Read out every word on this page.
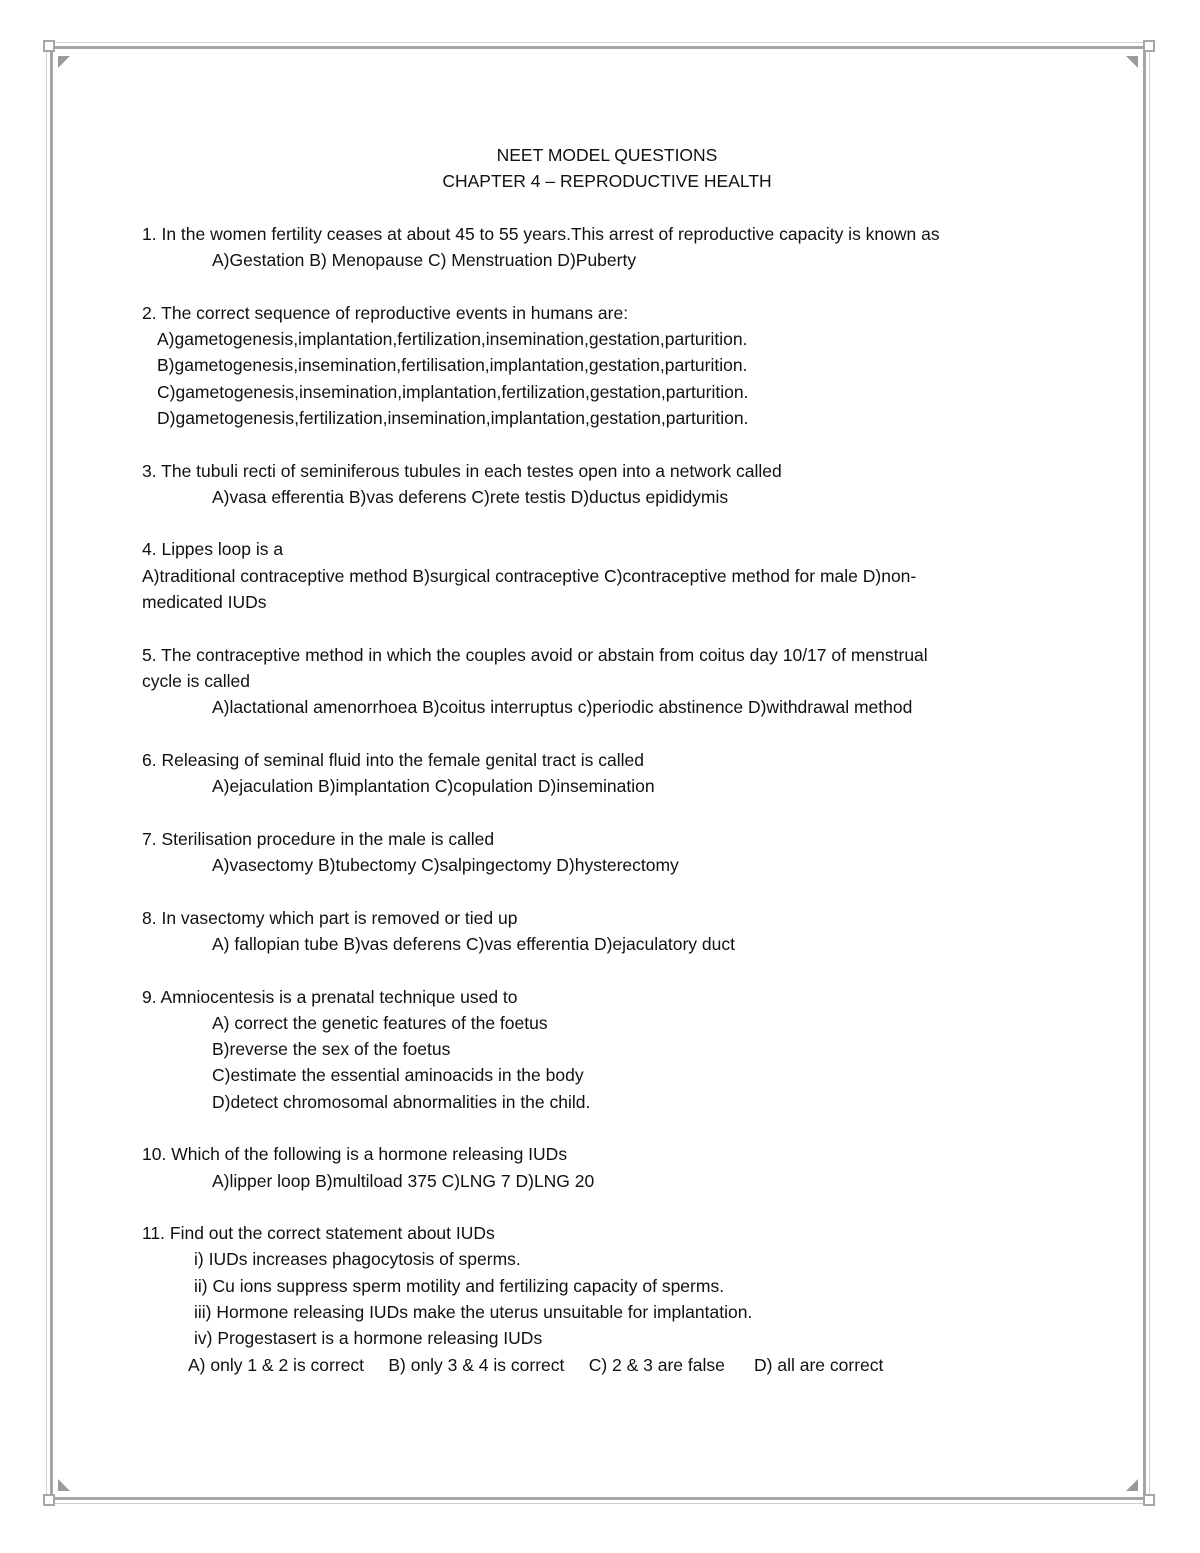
NEET MODEL QUESTIONS

CHAPTER 4 – REPRODUCTIVE HEALTH

1. In the women fertility ceases at about 45 to 55 years.This arrest of reproductive capacity is known as

A)Gestation B) Menopause C) Menstruation D)Puberty

2. The correct sequence of reproductive events in humans are:

A)gametogenesis,implantation,fertilization,insemination,gestation,parturition.

B)gametogenesis,insemination,fertilisation,implantation,gestation,parturition.

C)gametogenesis,insemination,implantation,fertilization,gestation,parturition.

D)gametogenesis,fertilization,insemination,implantation,gestation,parturition.

3. The tubuli recti of seminiferous tubules in each testes open into a network called

A)vasa efferentia B)vas deferens C)rete testis D)ductus epididymis

4. Lippes loop is a

A)traditional contraceptive method B)surgical contraceptive C)contraceptive method for male D)non-

medicated IUDs

5. The contraceptive method in which the couples avoid or abstain from coitus day 10/17 of menstrual

cycle is called

A)lactational amenorrhoea B)coitus interruptus c)periodic abstinence D)withdrawal method

6. Releasing of seminal fluid into the female genital tract is called

A)ejaculation B)implantation C)copulation D)insemination

7. Sterilisation procedure in the male is called

A)vasectomy B)tubectomy C)salpingectomy D)hysterectomy

8. In vasectomy which part is removed or tied up

A) fallopian tube B)vas deferens C)vas efferentia D)ejaculatory duct

9. Amniocentesis is a prenatal technique used to

A) correct the genetic features of the foetus

B)reverse the sex of the foetus

C)estimate the essential aminoacids in the body

D)detect chromosomal abnormalities in the child.

10. Which of the following is a hormone releasing IUDs

A)lipper loop B)multiload 375 C)LNG 7 D)LNG 20

11. Find out the correct statement about IUDs

i) IUDs increases phagocytosis of sperms.

ii) Cu ions suppress sperm motility and fertilizing capacity of sperms.

iii) Hormone releasing IUDs make the uterus unsuitable for implantation.

iv) Progestasert is a hormone releasing IUDs

A) only 1 & 2 is correct     B) only 3 & 4 is correct     C) 2 & 3 are false      D) all are correct
